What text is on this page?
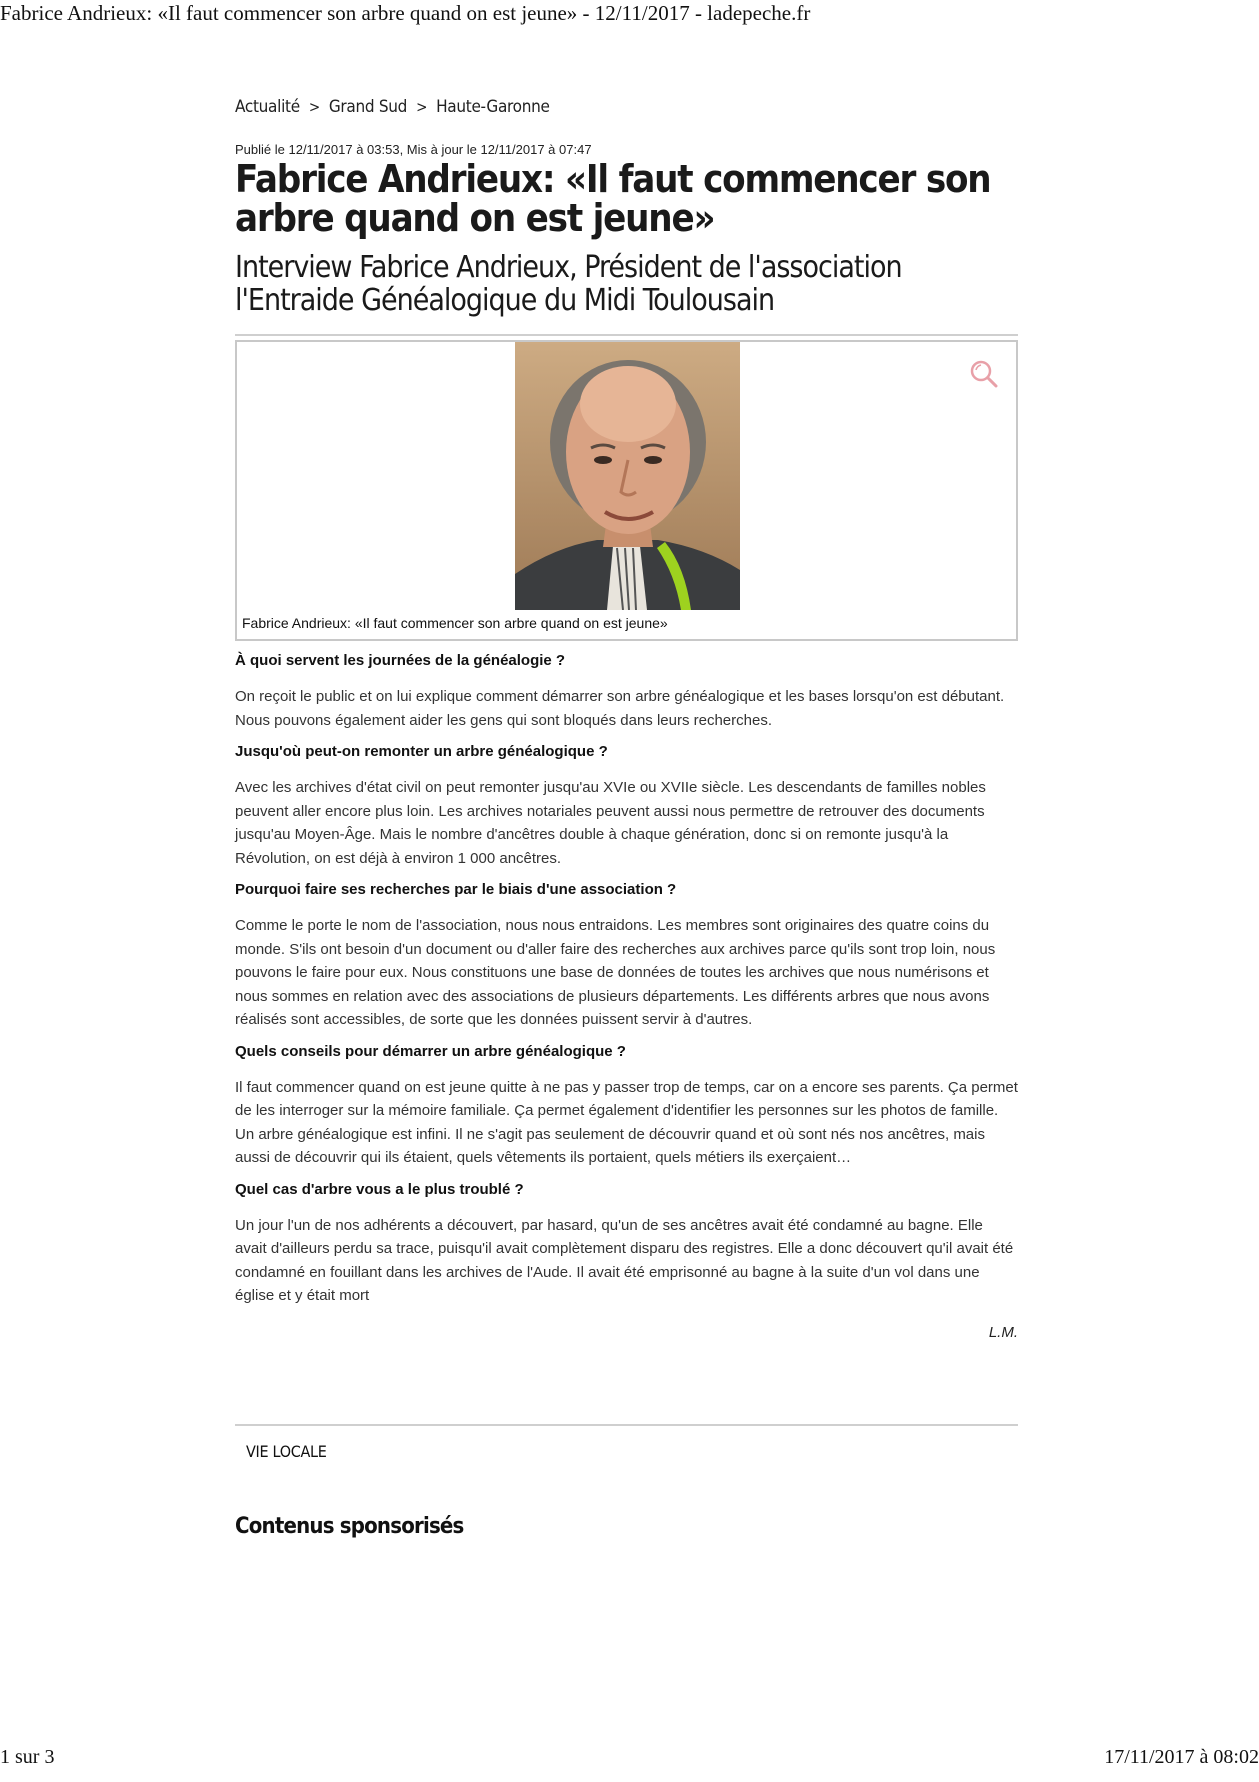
Fabrice Andrieux: «Il faut commencer son arbre quand on est jeune» - 12/11/2017 - ladepeche.fr
Actualité > Grand Sud > Haute-Garonne
Publié le 12/11/2017 à 03:53, Mis à jour le 12/11/2017 à 07:47
Fabrice Andrieux: «Il faut commencer son arbre quand on est jeune»
Interview Fabrice Andrieux, Président de l'association l'Entraide Généalogique du Midi Toulousain
Fabrice Andrieux: «Il faut commencer son arbre quand on est jeune»

À quoi servent les journées de la généalogie ?

On reçoit le public et on lui explique comment démarrer son arbre généalogique et les bases lorsqu'on est débutant. Nous pouvons également aider les gens qui sont bloqués dans leurs recherches.

Jusqu'où peut-on remonter un arbre généalogique ?

Avec les archives d'état civil on peut remonter jusqu'au XVIe ou XVIIe siècle. Les descendants de familles nobles peuvent aller encore plus loin. Les archives notariales peuvent aussi nous permettre de retrouver des documents jusqu'au Moyen-Âge. Mais le nombre d'ancêtres double à chaque génération, donc si on remonte jusqu'à la Révolution, on est déjà à environ 1 000 ancêtres.

Pourquoi faire ses recherches par le biais d'une association ?

Comme le porte le nom de l'association, nous nous entraidons. Les membres sont originaires des quatre coins du monde. S'ils ont besoin d'un document ou d'aller faire des recherches aux archives parce qu'ils sont trop loin, nous pouvons le faire pour eux. Nous constituons une base de données de toutes les archives que nous numérisons et nous sommes en relation avec des associations de plusieurs départements. Les différents arbres que nous avons réalisés sont accessibles, de sorte que les données puissent servir à d'autres.

Quels conseils pour démarrer un arbre généalogique ?

Il faut commencer quand on est jeune quitte à ne pas y passer trop de temps, car on a encore ses parents. Ça permet de les interroger sur la mémoire familiale. Ça permet également d'identifier les personnes sur les photos de famille. Un arbre généalogique est infini. Il ne s'agit pas seulement de découvrir quand et où sont nés nos ancêtres, mais aussi de découvrir qui ils étaient, quels vêtements ils portaient, quels métiers ils exerçaient…

Quel cas d'arbre vous a le plus troublé ?

Un jour l'un de nos adhérents a découvert, par hasard, qu'un de ses ancêtres avait été condamné au bagne. Elle avait d'ailleurs perdu sa trace, puisqu'il avait complètement disparu des registres. Elle a donc découvert qu'il avait été condamné en fouillant dans les archives de l'Aude. Il avait été emprisonné au bagne à la suite d'un vol dans une église et y était mort

L.M.
VIE LOCALE
Contenus sponsorisés
1 sur 3	17/11/2017 à 08:02
